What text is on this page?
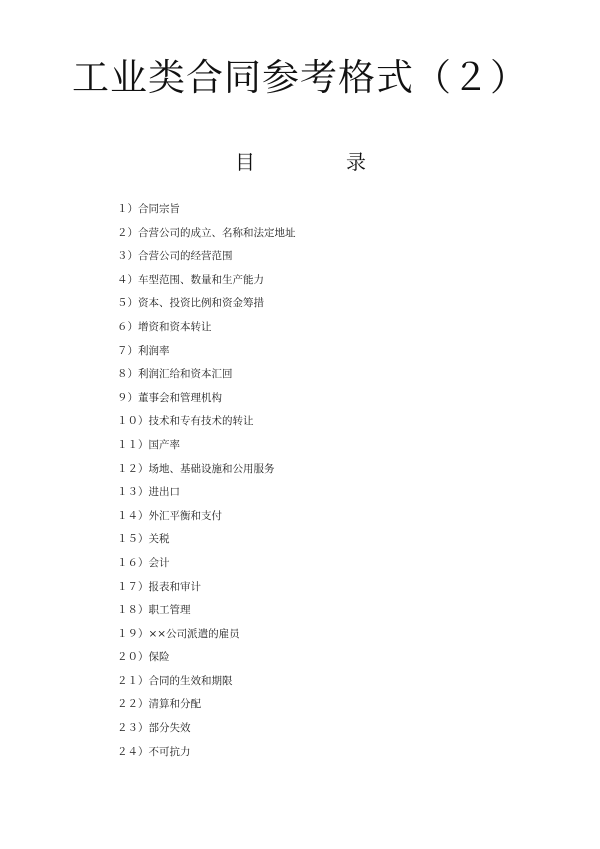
工业类合同参考格式（２）
目	录
１）合同宗旨
２）合营公司的成立、名称和法定地址
３）合营公司的经营范围
４）车型范围、数量和生产能力
５）资本、投资比例和资金筹措
６）增资和资本转让
７）利润率
８）利润汇给和资本汇回
９）董事会和管理机构
１０）技术和专有技术的转让
１１）国产率
１２）场地、基础设施和公用服务
１３）进出口
１４）外汇平衡和支付
１５）关税
１６）会计
１７）报表和审计
１８）职工管理
１９）××公司派遣的雇员
２０）保险
２１）合同的生效和期限
２２）清算和分配
２３）部分失效
２４）不可抗力
